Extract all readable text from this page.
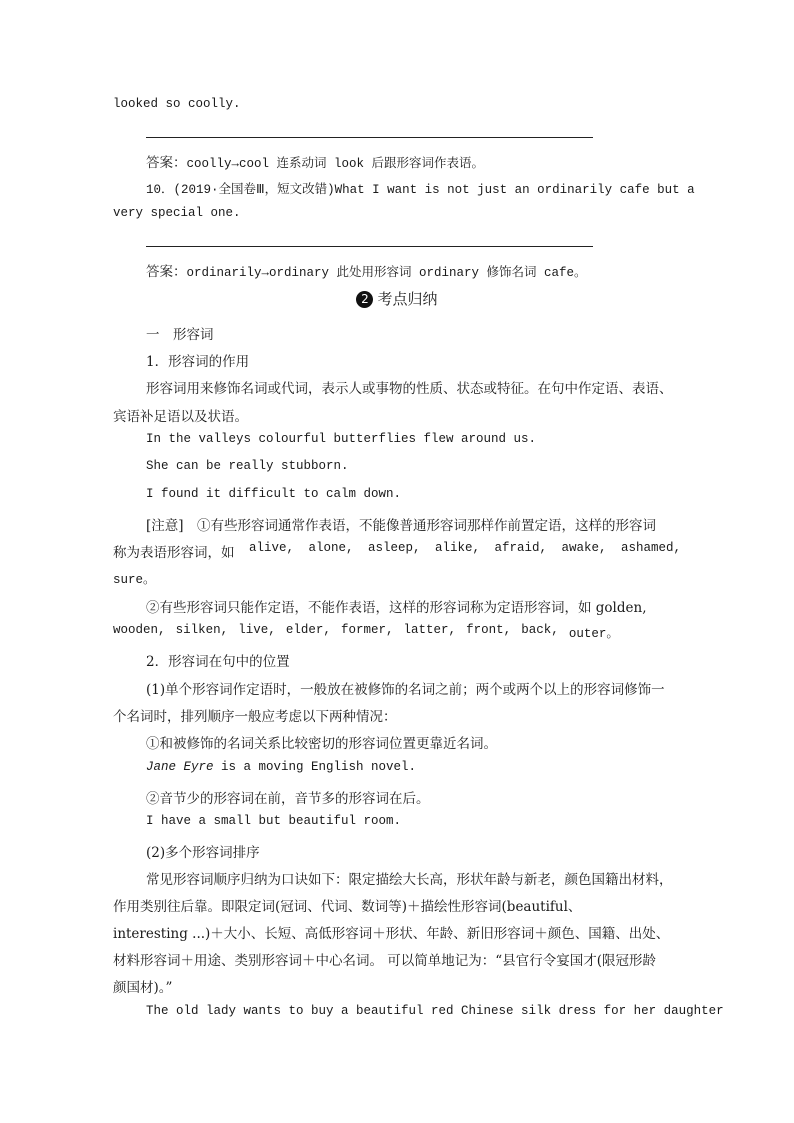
looked so coolly.
答案：coolly→cool 连系动词 look 后跟形容词作表语。
10．(2019·全国卷Ⅲ，短文改错)What I want is not just an ordinarily cafe but a
very special one.
答案：ordinarily→ordinary 此处用形容词 ordinary 修饰名词 cafe。
2 考点归纳
一　形容词
1．形容词的作用
形容词用来修饰名词或代词，表示人或事物的性质、状态或特征。在句中作定语、表语、
宾语补足语以及状语。
In the valleys colourful butterflies flew around us.
She can be really stubborn.
I found it difficult to calm down.
[注意]　①有些形容词通常作表语，不能像普通形容词那样作前置定语，这样的形容词
称为表语形容词，如 alive, alone, asleep, alike, afraid, awake, ashamed,
sure。
②有些形容词只能作定语，不能作表语，这样的形容词称为定语形容词，如 golden,
wooden, silken, live, elder, former, latter, front, back, outer。
2．形容词在句中的位置
(1)单个形容词作定语时，一般放在被修饰的名词之前；两个或两个以上的形容词修饰一
个名词时，排列顺序一般应考虑以下两种情况：
①和被修饰的名词关系比较密切的形容词位置更靠近名词。
Jane Eyre is a moving English novel.
②音节少的形容词在前，音节多的形容词在后。
I have a small but beautiful room.
(2)多个形容词排序
常见形容词顺序归纳为口诀如下：限定描绘大长高，形状年龄与新老，颜色国籍出材料，
作用类别往后靠。即限定词(冠词、代词、数词等)＋描绘性形容词(beautiful、
interesting ...)＋大小、长短、高低形容词＋形状、年龄、新旧形容词＋颜色、国籍、出处、
材料形容词＋用途、类别形容词＋中心名词。 可以简单地记为：“县官行令宴国才(限冠形龄
颜国材)。”
The old lady wants to buy a beautiful red Chinese silk dress for her daughter
